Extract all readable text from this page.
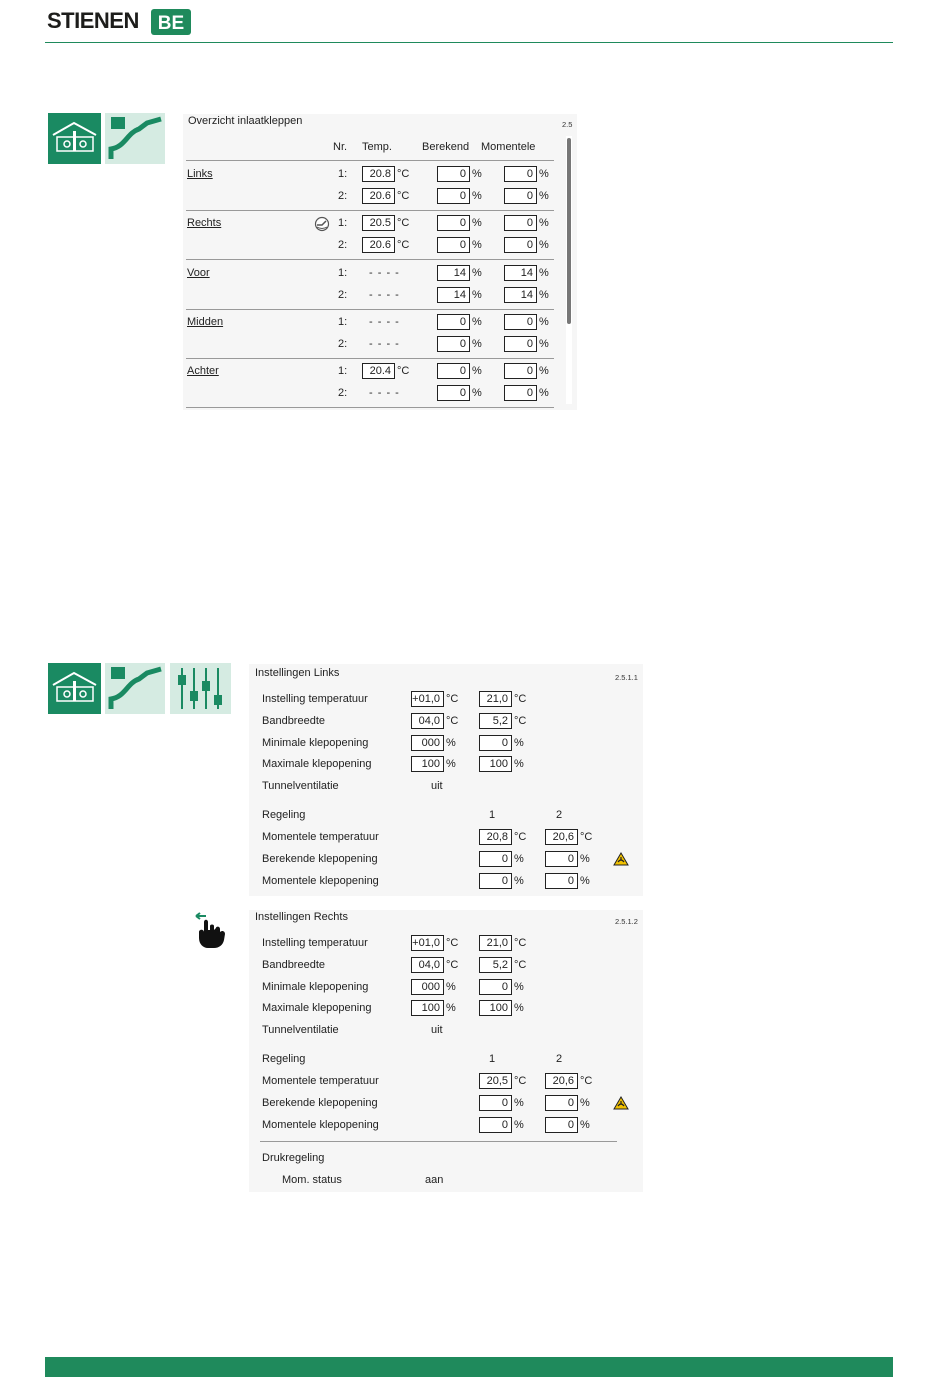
STIENEN BE
Overzicht inlaatkleppen	2.5
Nr. Temp.	Berekend Momentele
Links	1:	20.8 °C	0 %	0 %
2:	20.6 °C	0 %	0 %
Rechts	1:	20.5 °C	0 %	0 %
2:	20.6 °C	0 %	0 %
Voor	1: - - - -	14 %	14 %
2: - - - -	14 %	14 %
Midden	1: - - - -	0 %	0 %
2: - - - -	0 %	0 %
Achter	1:	20.4 °C	0 %	0 %
2: - - - -	0 %	0 %
Instellingen Links	2.5.1.1
Instelling temperatuur	+01,0 °C	21,0 °C
Bandbreedte	04,0 °C	5,2 °C
Minimale klepopening	000 %	0 %
Maximale klepopening	100 %	100 %
Tunnelventilatie	uit
Regeling	1	2
Momentele temperatuur	20,8 °C	20,6 °C
Berekende klepopening	0 %	0 %
Momentele klepopening	0 %	0 %
Instellingen Rechts	2.5.1.2
Instelling temperatuur	+01,0 °C	21,0 °C
Bandbreedte	04,0 °C	5,2 °C
Minimale klepopening	000 %	0 %
Maximale klepopening	100 %	100 %
Tunnelventilatie	uit
Regeling	1	2
Momentele temperatuur	20,5 °C	20,6 °C
Berekende klepopening	0 %	0 %
Momentele klepopening	0 %	0 %
Drukregeling
Mom. status	aan
